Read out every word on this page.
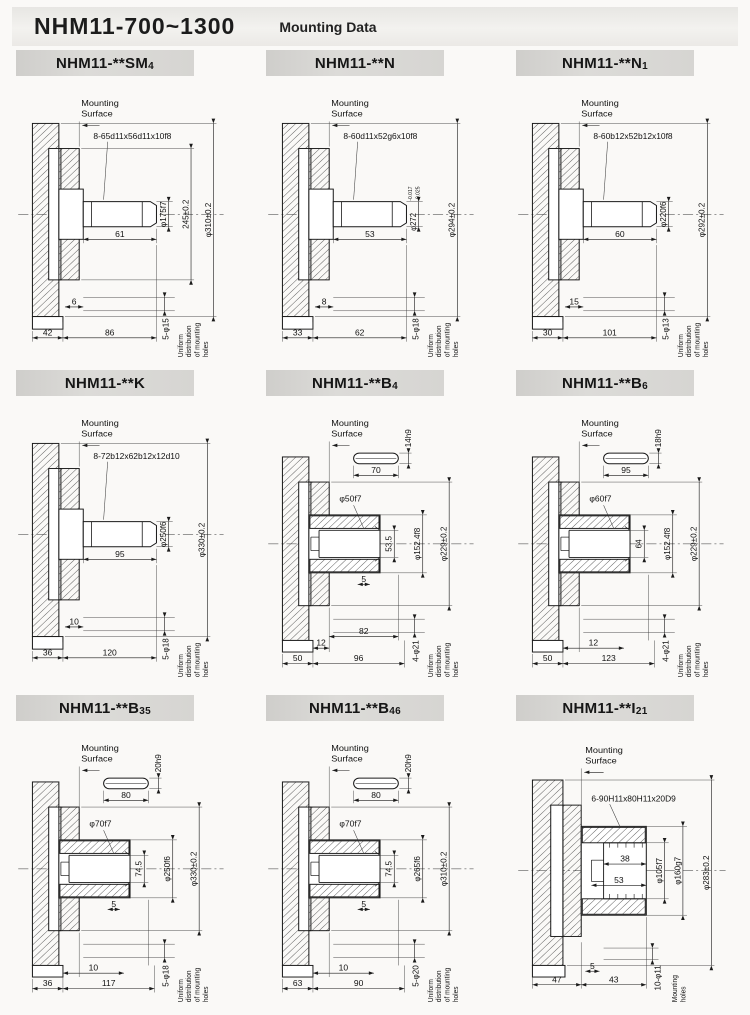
NHM11-700~1300	Mounting Data
NHM11-**SM 4
Mounting
Surface
8-65d11x56d11x10f8
φ175f7 245±0.2 φ310±0.2
61
6
42	86	5-φ15
Uniform distribution of mounting holes
NHM11-**N
Mounting
Surface
8-60d11x52g6x10f8
φ272
-0.017 -0.025
φ294±0.2
53
8
33	62	5-φ18
Uniform distribution of mounting holes
NHM11-**N 1
Mounting
Surface
8-60b12x52b12x10f8
φ220f6	φ292±0.2
60
15
30	101	5-φ13
Uniform distribution of mounting holes
NHM11-**K
Mounting
Surface
8-72b12x62b12x12d10
φ250f6	φ330±0.2
95
10
36	120	5-φ18
Uniform distribution of mounting holes
NHM11-**B 4
70
14h9
Mounting
Surface
φ50f7
53.5
5
φ152.4f8 φ229±0.2
82
12
50	96	4-φ21
Uniform distribution of mounting holes
NHM11-**B 6
95
18h9
Mounting
Surface
φ60f7
64 φ152.4f8 φ229±0.2
12
50	123	4-φ21
Uniform distribution of mounting holes
NHM11-**B 35
80
20h9
Mounting
Surface
φ70f7
74.5
5
φ250f6 φ330±0.2
10
36	117	5-φ18
Uniform distribution of mounting holes
NHM11-**B 46
80
20h9
Mounting
Surface
φ70f7
74.5
5
φ265f6 φ310±0.2
10
63	90	5-φ20
Uniform distribution of mounting holes
NHM11-**I 21
Mounting
Surface
6-90H11x80H11x20D9
38
53	φ105f7 φ160g7 φ283±0.2
5
47	43	10-φ11 Mounting holes
